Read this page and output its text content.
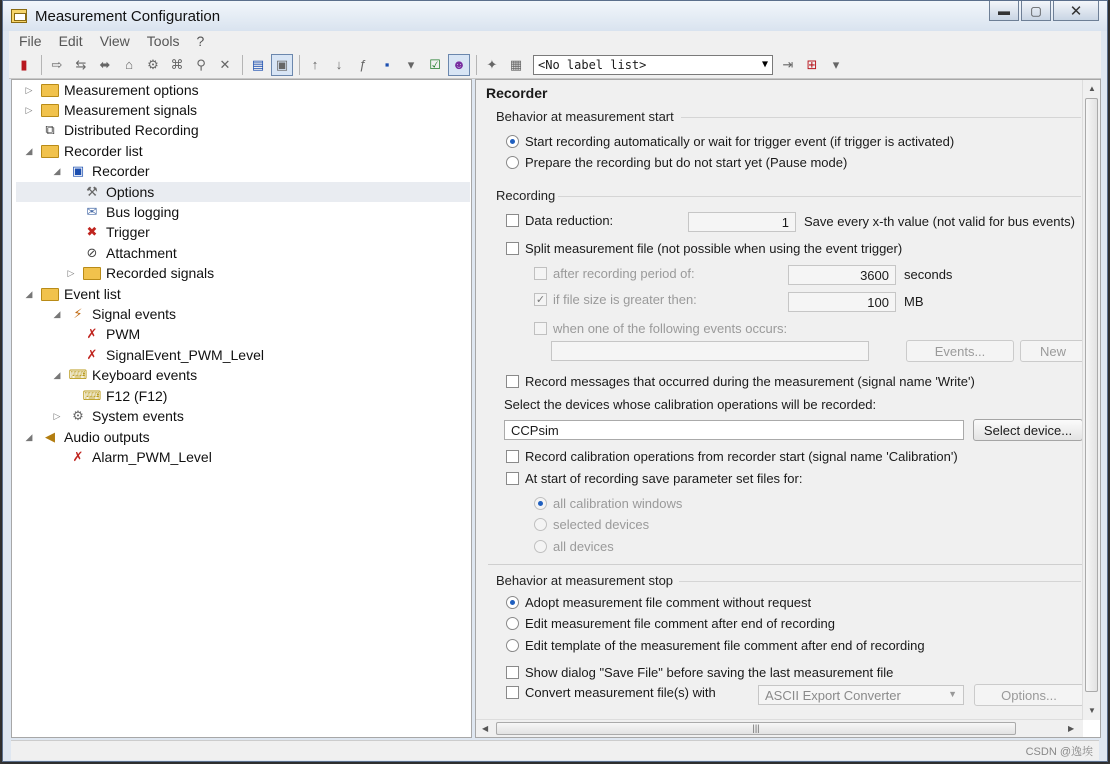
Measurement Configuration	▬	▢	✕
File Edit View Tools ?
▮	⇨	⇆	⬌	⌂	⚙ ⌘ ⚲	✕	▤ ▣	↑	↓	ƒ	▪	▾	☑ ☻	✦ ▦	<No label list>	▼	⇥	⊞	▾
▷ Measurement options
▷ Measurement signals
⧉ Distributed Recording
◢ Recorder list
◢ ▣ Recorder
⚒ Options
✉ Bus logging
✖ Trigger
⊘ Attachment
▷ Recorded signals
◢ Event list
◢ ⚡ Signal events
✗ PWM
✗ SignalEvent_PWM_Level
◢ ⌨ Keyboard events
⌨ F12 (F12)
▷ ⚙ System events
◢ ◀ Audio outputs
✗ Alarm_PWM_Level
Recorder
Behavior at measurement start
Start recording automatically or wait for trigger event (if trigger is activated)
Prepare the recording but do not start yet (Pause mode)
Recording
Data reduction:	1	Save every x-th value (not valid for bus events)
Split measurement file (not possible when using the event trigger)
after recording period of:	3600	seconds
✓
if file size is greater then:	100	MB
when one of the following events occurs:
Events...	New
Record messages that occurred during the measurement (signal name 'Write')
Select the devices whose calibration operations will be recorded:
CCPsim	Select device...
Record calibration operations from recorder start (signal name 'Calibration')
At start of recording save parameter set files for:
all calibration windows
selected devices
all devices
Behavior at measurement stop
Adopt measurement file comment without request
Edit measurement file comment after end of recording
Edit template of the measurement file comment after end of recording
Show dialog "Save File" before saving the last measurement file
Convert measurement file(s) with	ASCII Export Converter	▼	Options...
▲
▼
◀	|||	▶
CSDN @逸埃
